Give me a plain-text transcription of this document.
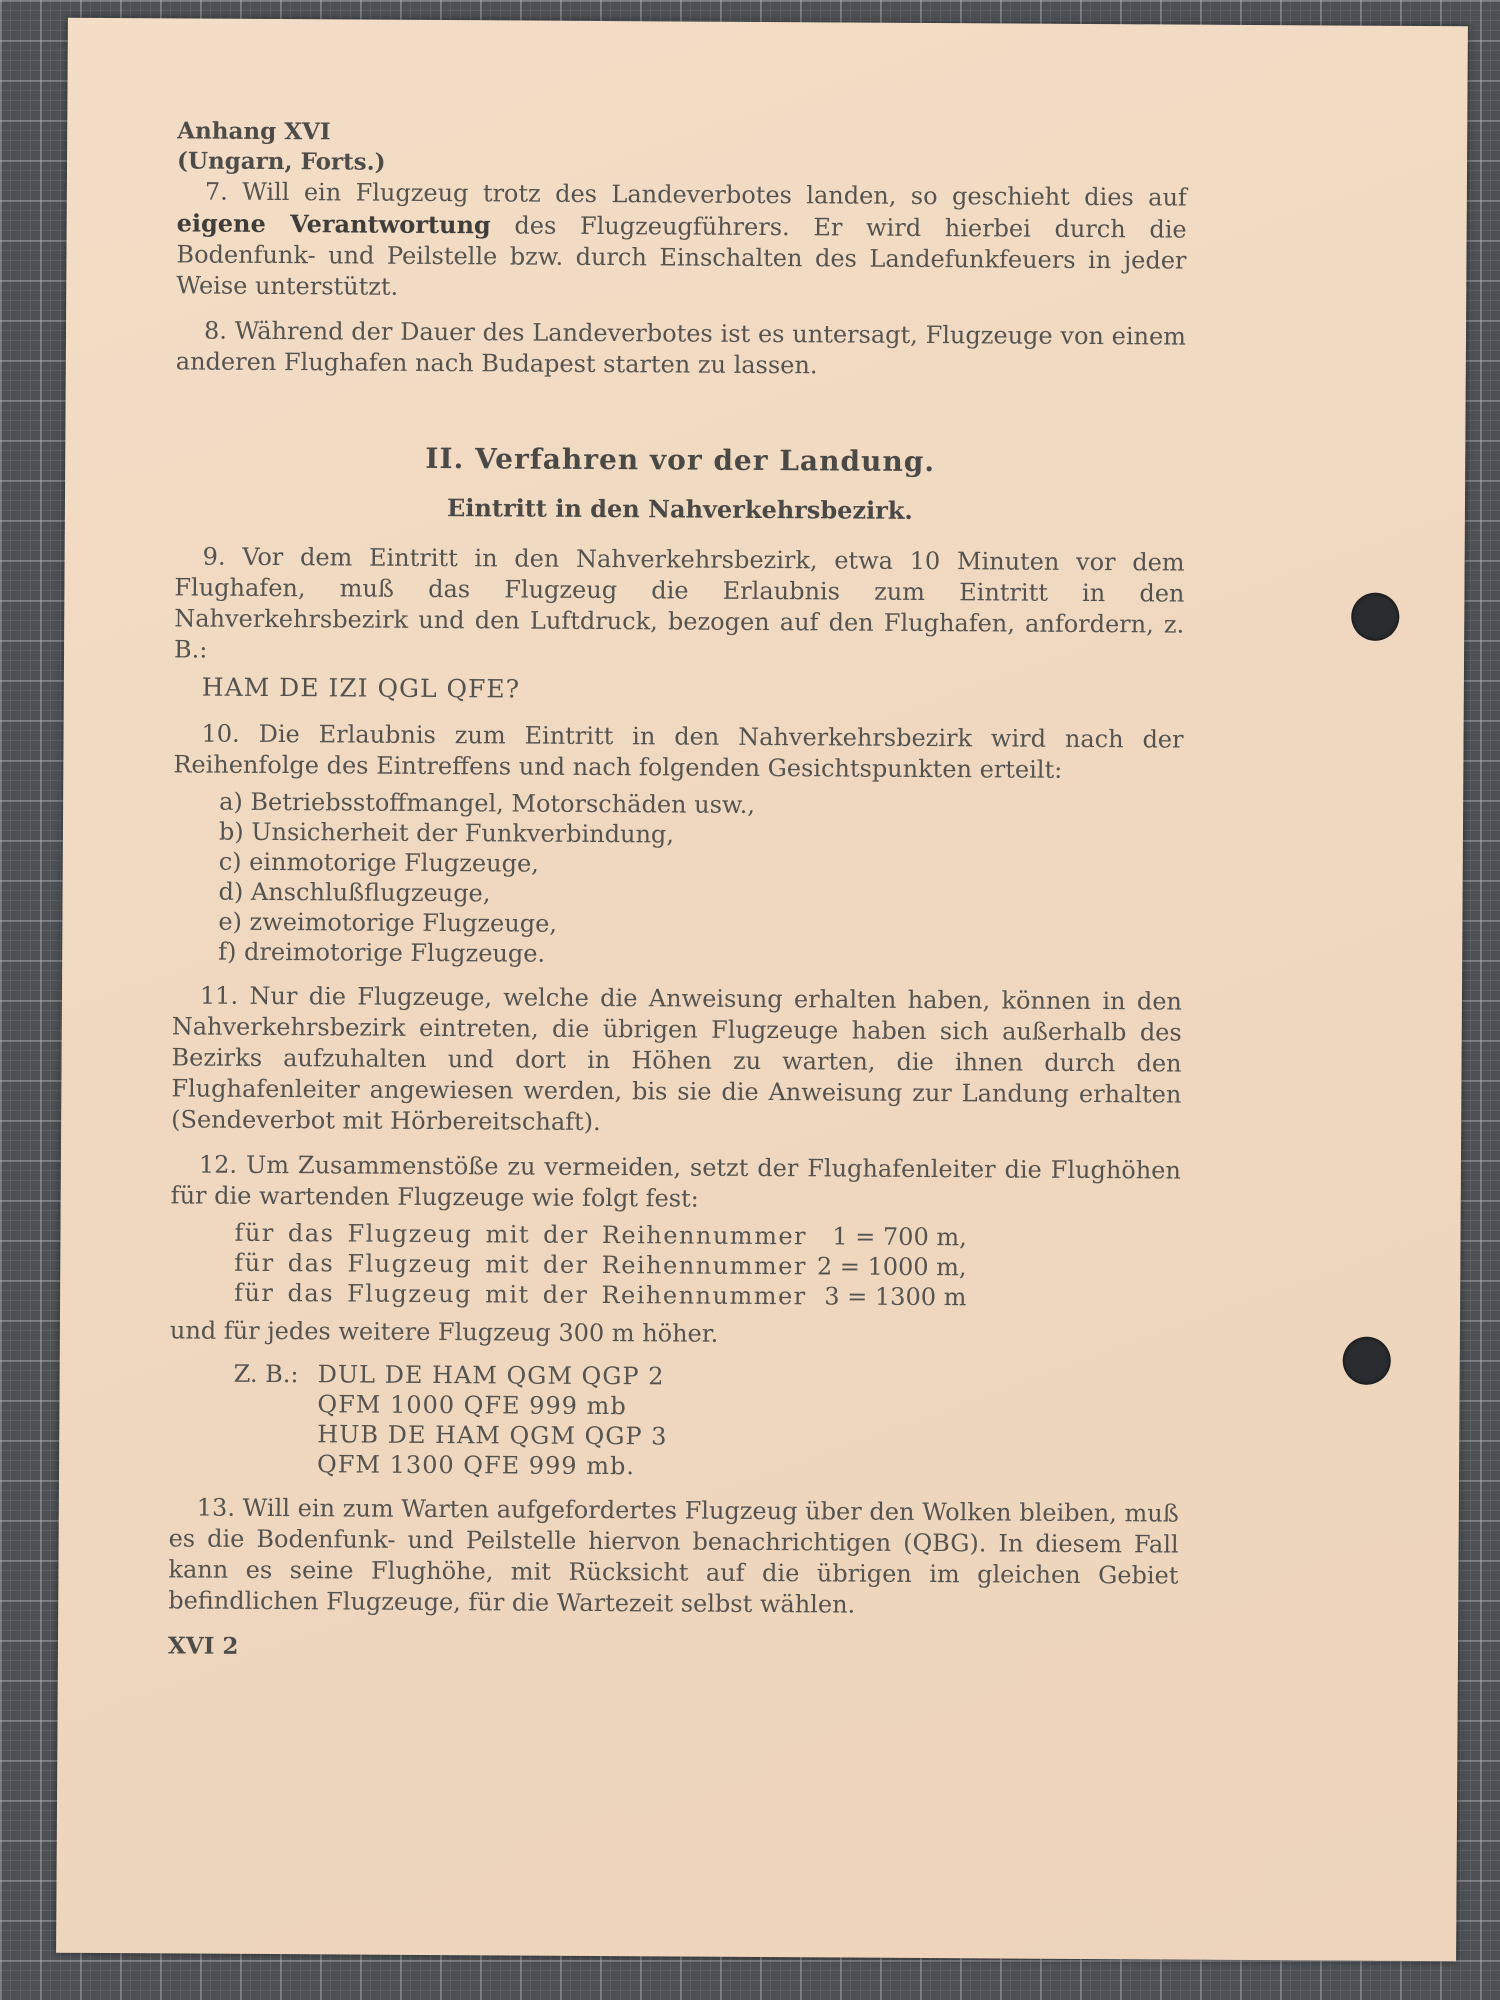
Anhang XVI

(Ungarn, Forts.)

7. Will ein Flugzeug trotz des Landeverbotes landen, so geschieht dies auf eigene Verantwortung des Flugzeugführers. Er wird hierbei durch die Bodenfunk- und Peilstelle bzw. durch Einschalten des Landefunkfeuers in jeder Weise unterstützt.

8. Während der Dauer des Landeverbotes ist es untersagt, Flugzeuge von einem anderen Flughafen nach Budapest starten zu lassen.

II. Verfahren vor der Landung.
Eintritt in den Nahverkehrsbezirk.

9. Vor dem Eintritt in den Nahverkehrsbezirk, etwa 10 Minuten vor dem Flughafen, muß das Flugzeug die Erlaubnis zum Eintritt in den Nahverkehrsbezirk und den Luftdruck, bezogen auf den Flughafen, anfordern, z. B.:

HAM DE IZI QGL QFE?

10. Die Erlaubnis zum Eintritt in den Nahverkehrsbezirk wird nach der Reihenfolge des Eintreffens und nach folgenden Gesichtspunkten erteilt:

a) Betriebsstoffmangel, Motorschäden usw.,
b) Unsicherheit der Funkverbindung,
c) einmotorige Flugzeuge,
d) Anschlußflugzeuge,
e) zweimotorige Flugzeuge,
f) dreimotorige Flugzeuge.

11. Nur die Flugzeuge, welche die Anweisung erhalten haben, können in den Nahverkehrsbezirk eintreten, die übrigen Flugzeuge haben sich außerhalb des Bezirks aufzuhalten und dort in Höhen zu warten, die ihnen durch den Flughafenleiter angewiesen werden, bis sie die Anweisung zur Landung erhalten (Sendeverbot mit Hörbereitschaft).

12. Um Zusammenstöße zu vermeiden, setzt der Flughafenleiter die Flughöhen für die wartenden Flugzeuge wie folgt fest:

für das Flugzeug mit der Reihennummer	1 = 700 m,
für das Flugzeug mit der Reihennummer	2 = 1000 m,
für das Flugzeug mit der Reihennummer	3 = 1300 m
und für jedes weitere Flugzeug 300 m höher.
Z. B.: DUL DE HAM QGM QGP 2
QFM 1000 QFE 999 mb
HUB DE HAM QGM QGP 3
QFM 1300 QFE 999 mb.

13. Will ein zum Warten aufgefordertes Flugzeug über den Wolken bleiben, muß es die Bodenfunk- und Peilstelle hiervon benachrichtigen (QBG). In diesem Fall kann es seine Flughöhe, mit Rücksicht auf die übrigen im gleichen Gebiet befindlichen Flugzeuge, für die Wartezeit selbst wählen.

XVI 2
